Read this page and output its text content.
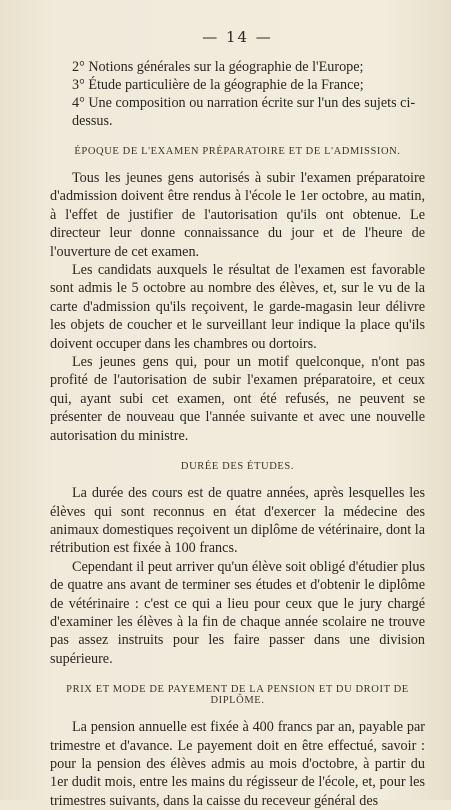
— 14 —

2° Notions générales sur la géographie de l'Europe;

3° Étude particulière de la géographie de la France;

4° Une composition ou narration écrite sur l'un des sujets ci-dessus.

ÉPOQUE DE L'EXAMEN PRÉPARATOIRE ET DE L'ADMISSION.

Tous les jeunes gens autorisés à subir l'examen préparatoire d'admission doivent être rendus à l'école le 1er octobre, au matin, à l'effet de justifier de l'autorisation qu'ils ont obtenue. Le directeur leur donne connaissance du jour et de l'heure de l'ouverture de cet examen.

Les candidats auxquels le résultat de l'examen est favorable sont admis le 5 octobre au nombre des élèves, et, sur le vu de la carte d'admission qu'ils reçoivent, le garde-magasin leur délivre les objets de coucher et le surveillant leur indique la place qu'ils doivent occuper dans les chambres ou dortoirs.

Les jeunes gens qui, pour un motif quelconque, n'ont pas profité de l'autorisation de subir l'examen préparatoire, et ceux qui, ayant subi cet examen, ont été refusés, ne peuvent se présenter de nouveau que l'année suivante et avec une nouvelle autorisation du ministre.

DURÉE DES ÉTUDES.

La durée des cours est de quatre années, après lesquelles les élèves qui sont reconnus en état d'exercer la médecine des animaux domestiques reçoivent un diplôme de vétérinaire, dont la rétribution est fixée à 100 francs.

Cependant il peut arriver qu'un élève soit obligé d'étudier plus de quatre ans avant de terminer ses études et d'obtenir le diplôme de vétérinaire : c'est ce qui a lieu pour ceux que le jury chargé d'examiner les élèves à la fin de chaque année scolaire ne trouve pas assez instruits pour les faire passer dans une division supérieure.

PRIX ET MODE DE PAYEMENT DE LA PENSION ET DU DROIT DE DIPLÔME.

La pension annuelle est fixée à 400 francs par an, payable par trimestre et d'avance. Le payement doit en être effectué, savoir : pour la pension des élèves admis au mois d'octobre, à partir du 1er dudit mois, entre les mains du régisseur de l'école, et, pour les trimestres suivants, dans la caisse du receveur général des
